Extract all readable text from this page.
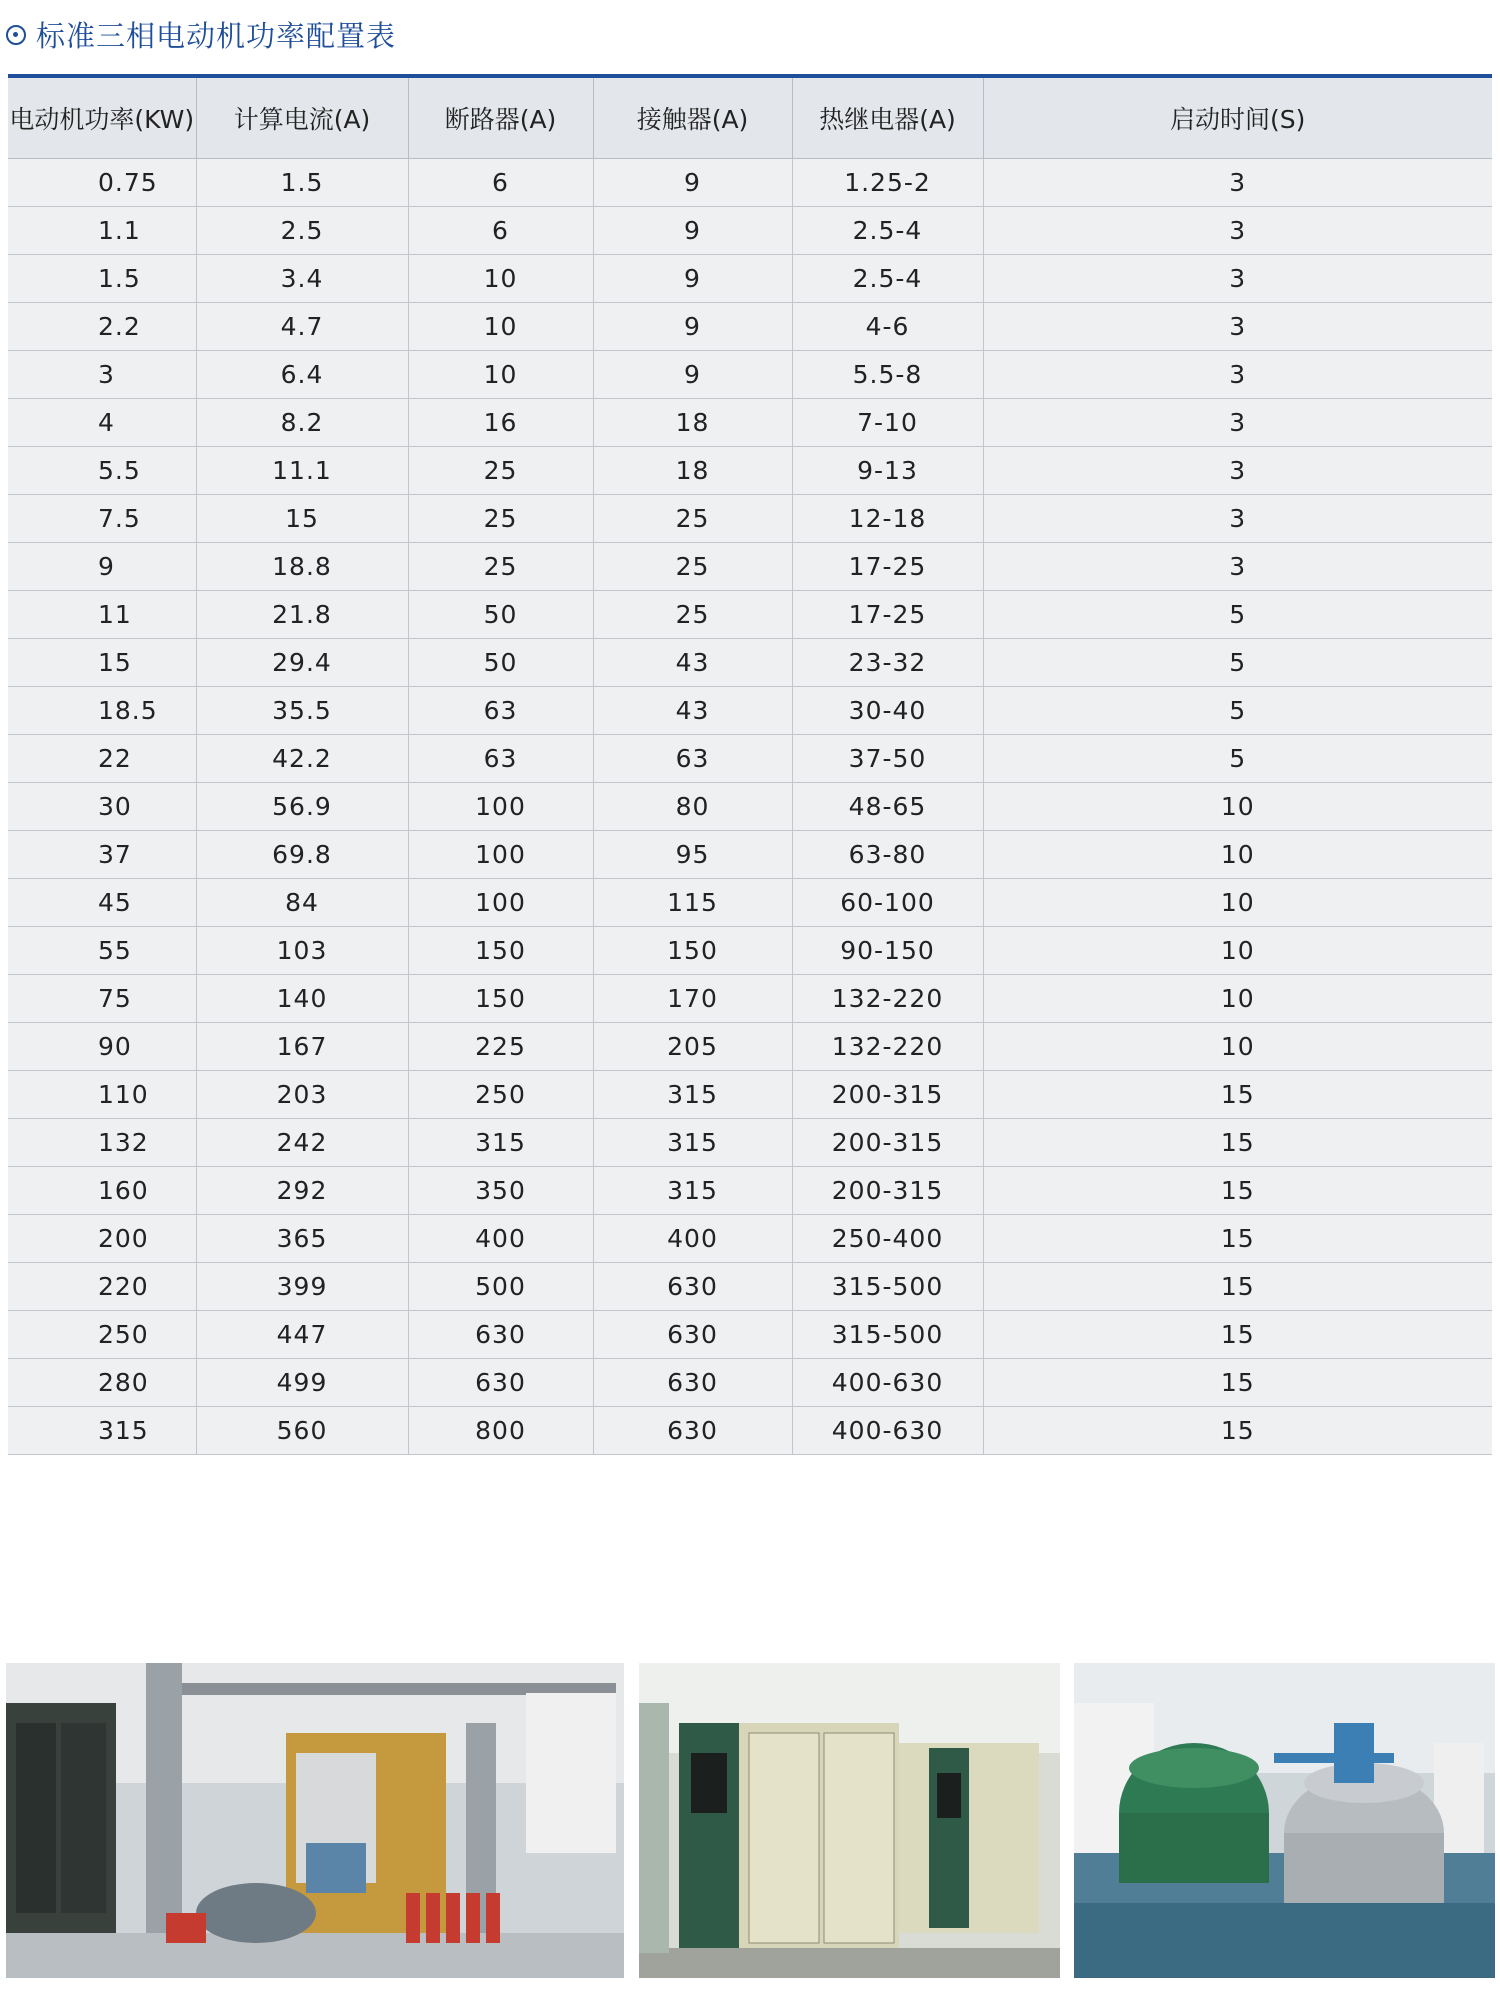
标准三相电动机功率配置表
电动机功率(KW)	计算电流(A)	断路器(A)	接触器(A)	热继电器(A)	启动时间(S)
0.75	1.5	6	9	1.25-2	3
1.1	2.5	6	9	2.5-4	3
1.5	3.4	10	9	2.5-4	3
2.2	4.7	10	9	4-6	3
3	6.4	10	9	5.5-8	3
4	8.2	16	18	7-10	3
5.5	11.1	25	18	9-13	3
7.5	15	25	25	12-18	3
9	18.8	25	25	17-25	3
11	21.8	50	25	17-25	5
15	29.4	50	43	23-32	5
18.5	35.5	63	43	30-40	5
22	42.2	63	63	37-50	5
30	56.9	100	80	48-65	10
37	69.8	100	95	63-80	10
45	84	100	115	60-100	10
55	103	150	150	90-150	10
75	140	150	170	132-220	10
90	167	225	205	132-220	10
110	203	250	315	200-315	15
132	242	315	315	200-315	15
160	292	350	315	200-315	15
200	365	400	400	250-400	15
220	399	500	630	315-500	15
250	447	630	630	315-500	15
280	499	630	630	400-630	15
315	560	800	630	400-630	15
